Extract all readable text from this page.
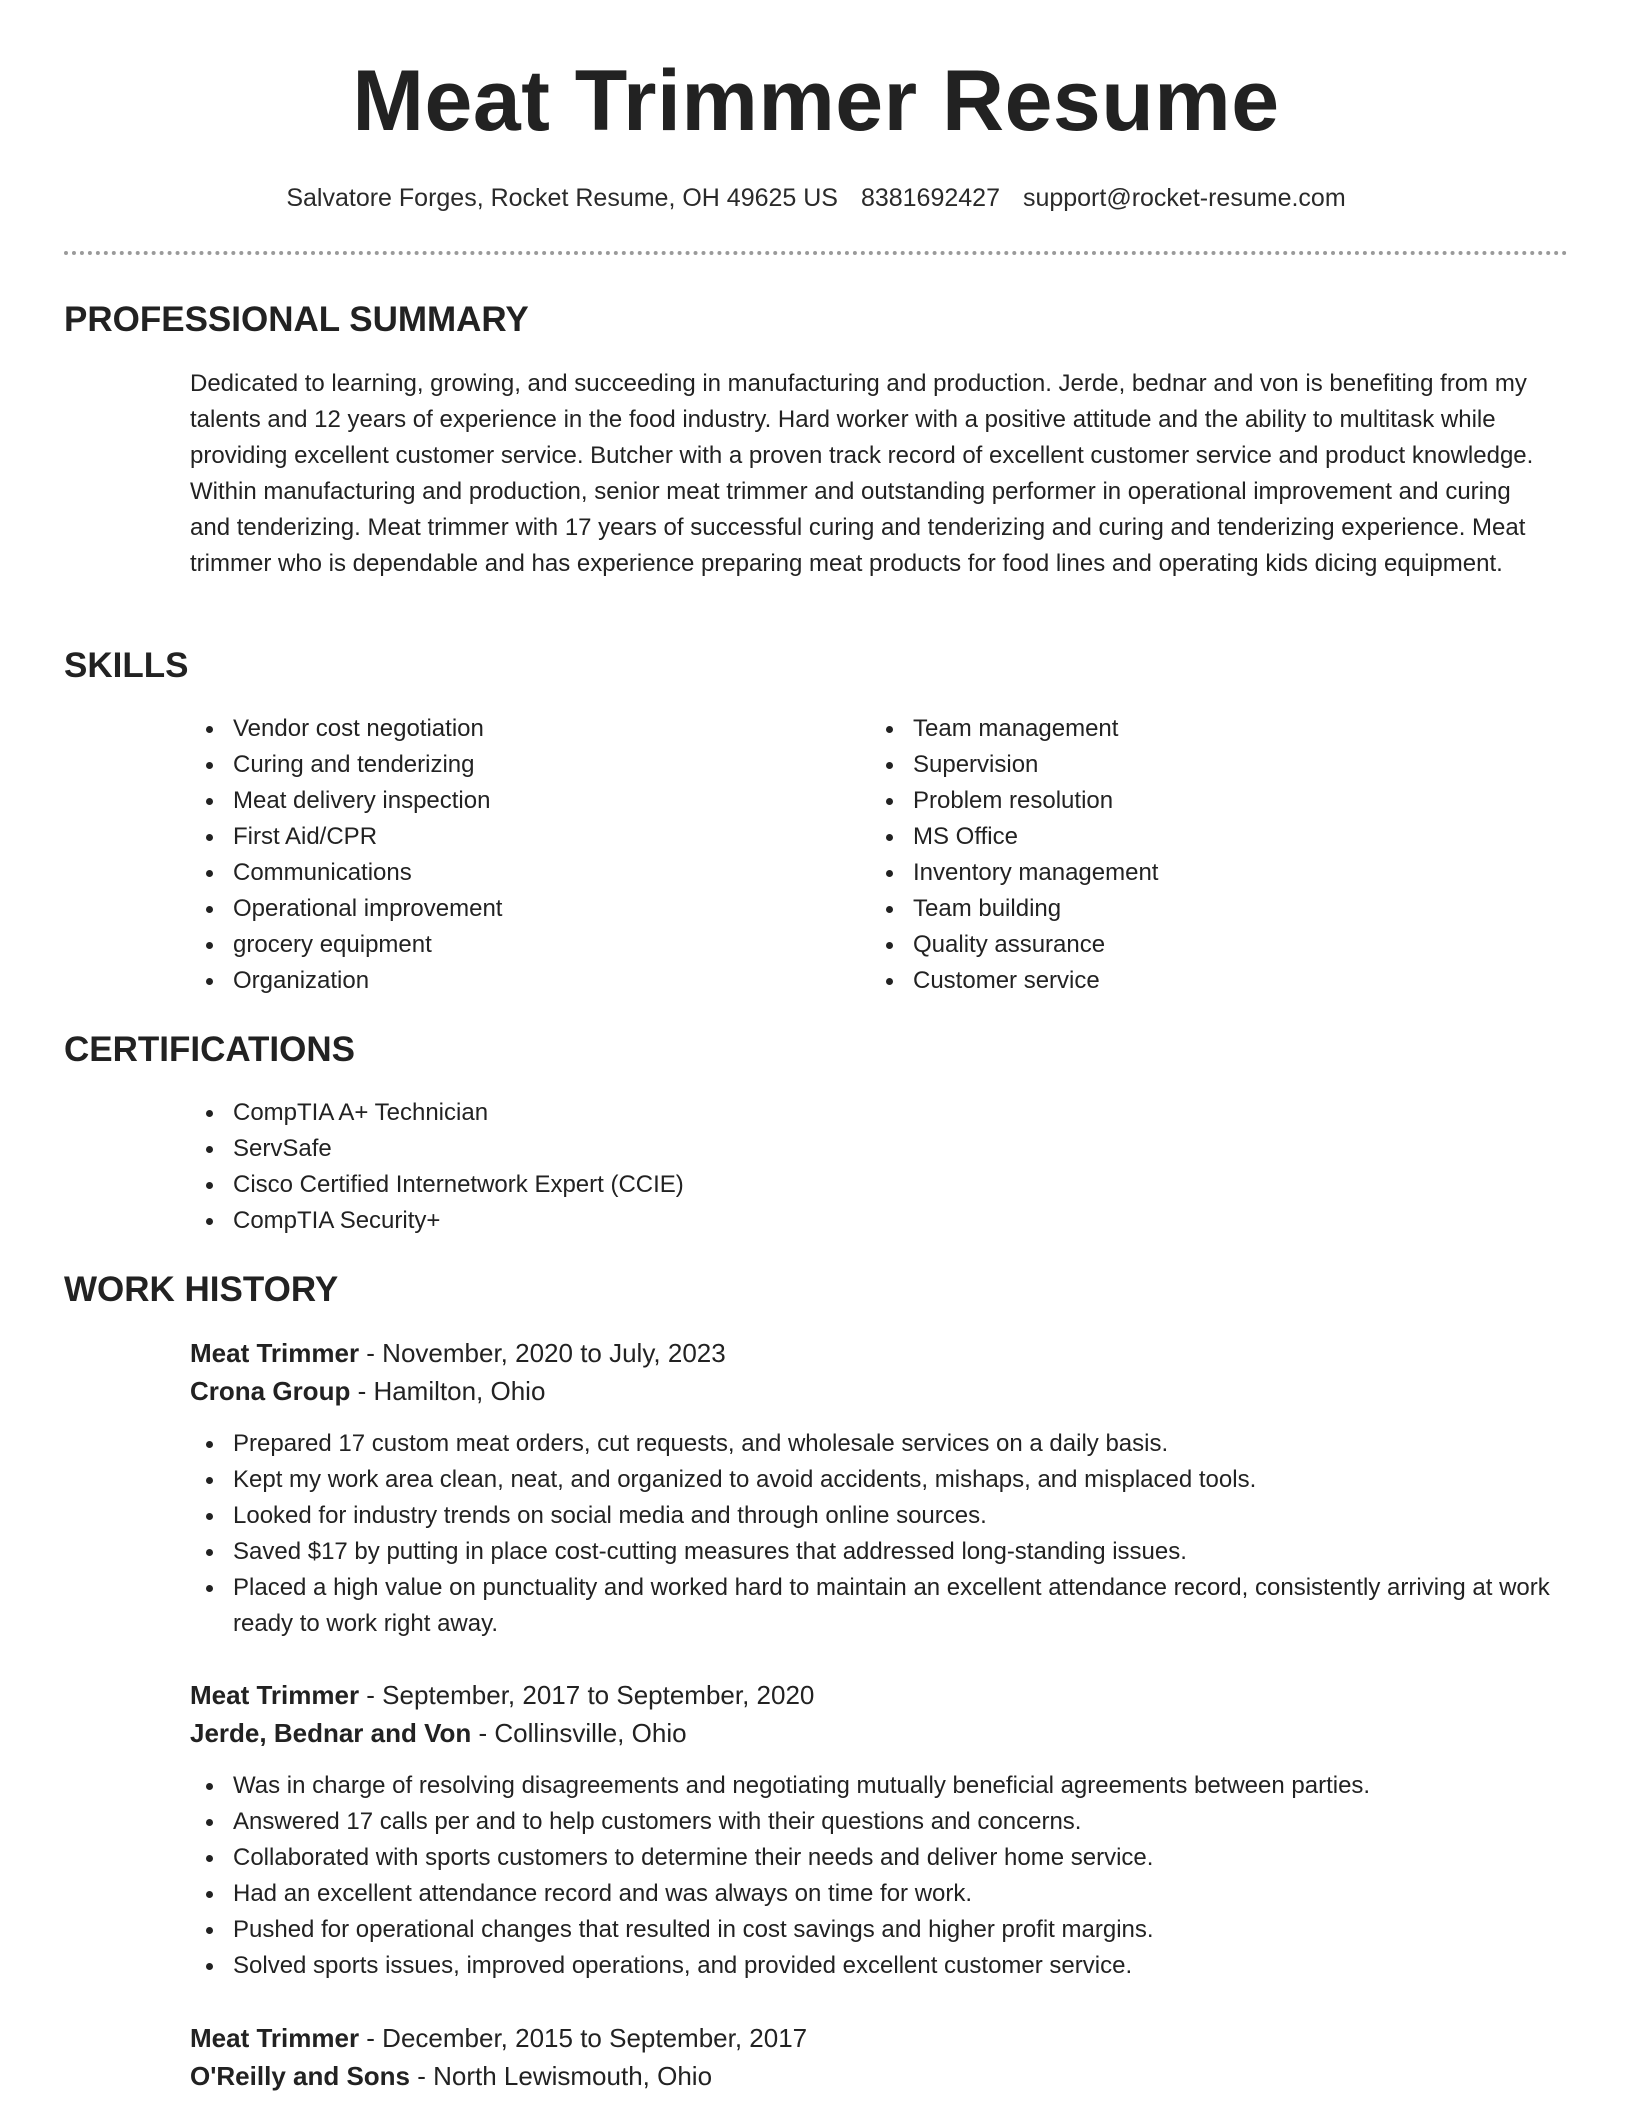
Meat Trimmer Resume
Salvatore Forges, Rocket Resume, OH 49625 US 8381692427 support@rocket-resume.com
PROFESSIONAL SUMMARY

Dedicated to learning, growing, and succeeding in manufacturing and production. Jerde, bednar and von is benefiting from my talents and 12 years of experience in the food industry. Hard worker with a positive attitude and the ability to multitask while providing excellent customer service. Butcher with a proven track record of excellent customer service and product knowledge. Within manufacturing and production, senior meat trimmer and outstanding performer in operational improvement and curing and tenderizing. Meat trimmer with 17 years of successful curing and tenderizing and curing and tenderizing experience. Meat trimmer who is dependable and has experience preparing meat products for food lines and operating kids dicing equipment.

SKILLS
Vendor cost negotiation
Curing and tenderizing
Meat delivery inspection
First Aid/CPR
Communications
Operational improvement
grocery equipment
Organization
Team management
Supervision
Problem resolution
MS Office
Inventory management
Team building
Quality assurance
Customer service
CERTIFICATIONS
CompTIA A+ Technician
ServSafe
Cisco Certified Internetwork Expert (CCIE)
CompTIA Security+
WORK HISTORY
Meat Trimmer - November, 2020 to July, 2023
Crona Group - Hamilton, Ohio
Prepared 17 custom meat orders, cut requests, and wholesale services on a daily basis.
Kept my work area clean, neat, and organized to avoid accidents, mishaps, and misplaced tools.
Looked for industry trends on social media and through online sources.
Saved $17 by putting in place cost-cutting measures that addressed long-standing issues.
Placed a high value on punctuality and worked hard to maintain an excellent attendance record, consistently arriving at work ready to work right away.
Meat Trimmer - September, 2017 to September, 2020
Jerde, Bednar and Von - Collinsville, Ohio
Was in charge of resolving disagreements and negotiating mutually beneficial agreements between parties.
Answered 17 calls per and to help customers with their questions and concerns.
Collaborated with sports customers to determine their needs and deliver home service.
Had an excellent attendance record and was always on time for work.
Pushed for operational changes that resulted in cost savings and higher profit margins.
Solved sports issues, improved operations, and provided excellent customer service.
Meat Trimmer - December, 2015 to September, 2017
O'Reilly and Sons - North Lewismouth, Ohio
